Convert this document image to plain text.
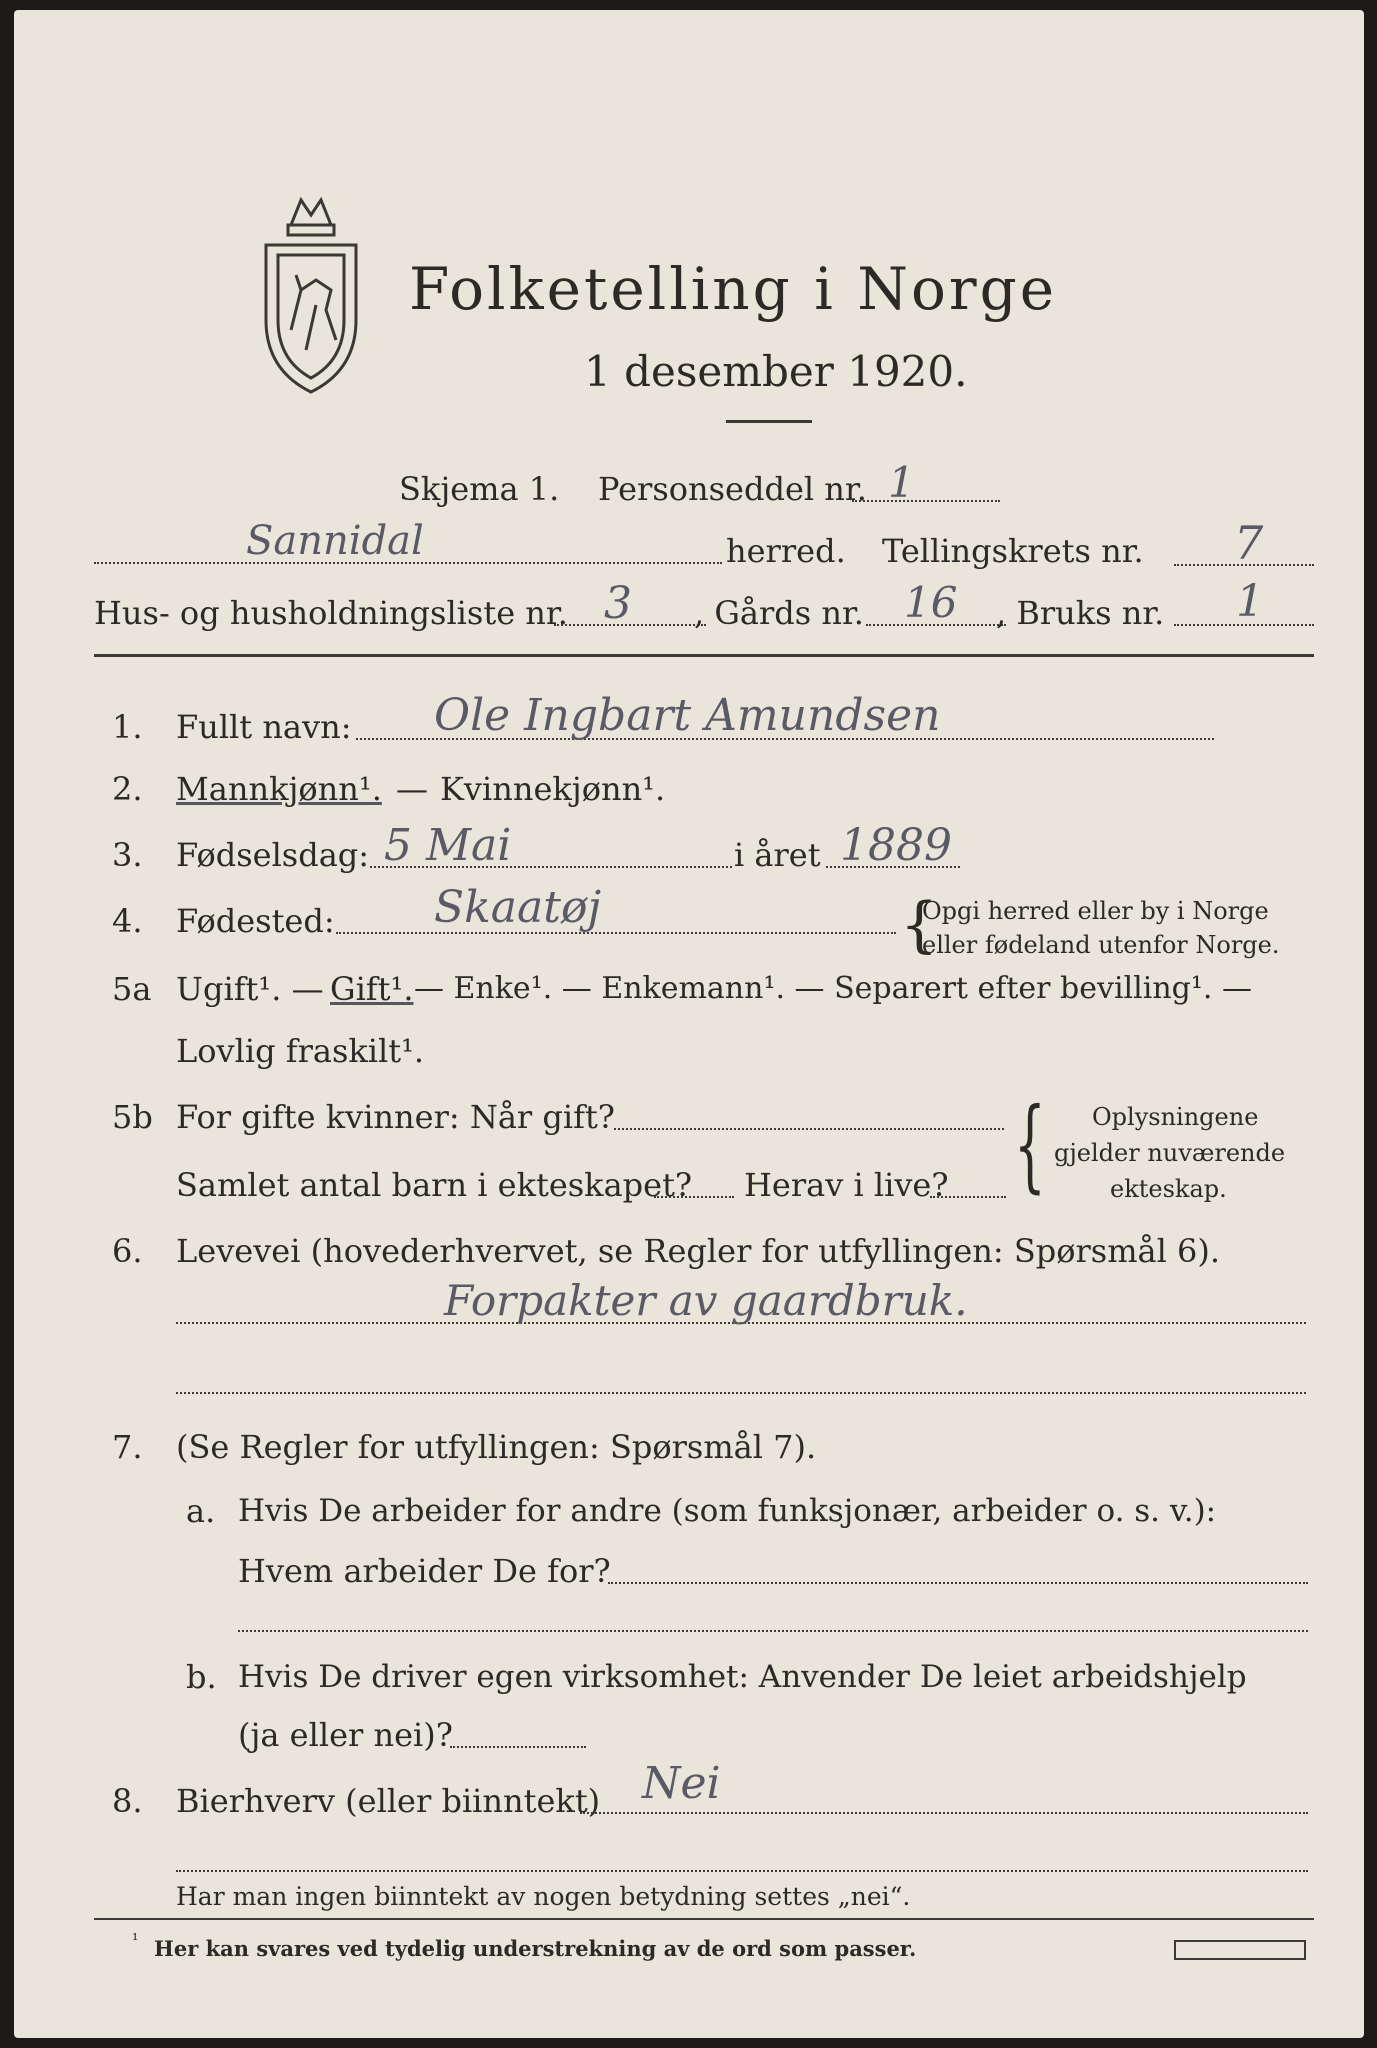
Folketelling i Norge
1 desember 1920.
Skjema 1. Personseddel nr. 1
Sannidal	herred. Tellingskrets nr. 7
Hus- og husholdningsliste nr. 3 , Gårds nr. 16 , Bruks nr. 1
1. Fullt navn: Ole Ingbart Amundsen
2. Mannkjønn¹. — Kvinnekjønn¹.
3. Fødselsdag: 5 Mai	i året 1889
4. Fødested: Skaatøj	{
Opgi herred eller by i Norge
eller fødeland utenfor Norge.
5a Ugift¹. — Gift¹. — Enke¹. — Enkemann¹. — Separert efter bevilling¹. —
Lovlig fraskilt¹.
5b For gifte kvinner: Når gift?
Samlet antal barn i ekteskapet? Herav i live? { Oplysningene
gjelder nuværende
ekteskap.
6. Levevei (hovederhvervet, se Regler for utfyllingen: Spørsmål 6).
Forpakter av gaardbruk.
7. (Se Regler for utfyllingen: Spørsmål 7).
a. Hvis De arbeider for andre (som funksjonær, arbeider o. s. v.):
Hvem arbeider De for?
b. Hvis De driver egen virksomhet: Anvender De leiet arbeidshjelp
(ja eller nei)?
8. Bierhverv (eller biinntekt) Nei
Har man ingen biinntekt av nogen betydning settes „nei“.
¹ Her kan svares ved tydelig understrekning av de ord som passer.
